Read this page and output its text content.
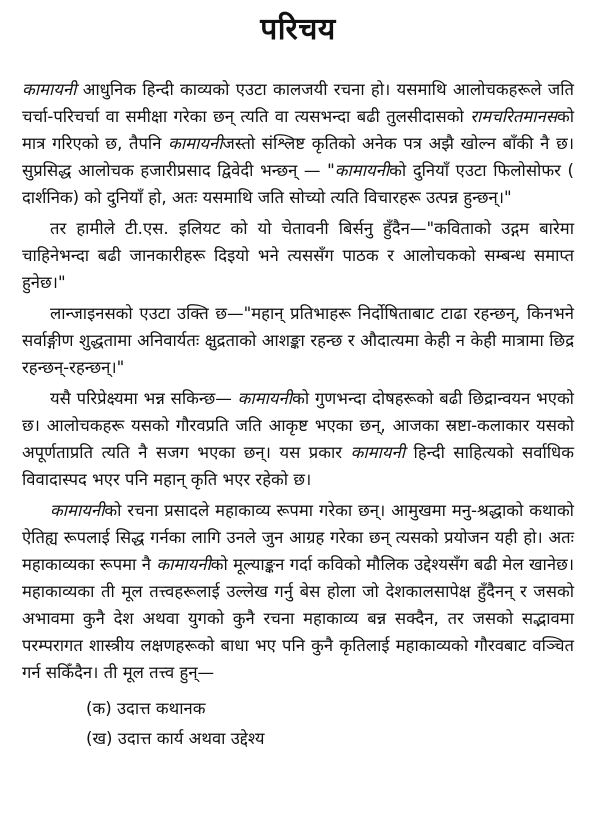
परिचय

कामायनी आधुनिक हिन्दी काव्यको एउटा कालजयी रचना हो। यसमाथि आलोचकहरूले जति चर्चा-परिचर्चा वा समीक्षा गरेका छन् त्यति वा त्यसभन्दा बढी तुलसीदासको रामचरितमानसको मात्र गरिएको छ, तैपनि कामायनीजस्तो संश्लिष्ट कृतिको अनेक पत्र अझै खोल्न बाँकी नै छ। सुप्रसिद्ध आलोचक हजारीप्रसाद द्विवेदी भन्छन् — "कामायनीको दुनियाँ एउटा फिलोसोफर ( दार्शनिक) को दुनियाँ हो, अतः यसमाथि जति सोच्यो त्यति विचारहरू उत्पन्न हुन्छन्।"

तर हामीले टी.एस. इलियट को यो चेतावनी बिर्सनु हुँदैन—"कविताको उद्गम बारेमा चाहिनेभन्दा बढी जानकारीहरू दिइयो भने त्यससँग पाठक र आलोचकको सम्बन्ध समाप्त हुनेछ।"

लान्जाइनसको एउटा उक्ति छ—"महान् प्रतिभाहरू निर्दोषिताबाट टाढा रहन्छन्, किनभने सर्वाङ्गीण शुद्धतामा अनिवार्यतः क्षुद्रताको आशङ्का रहन्छ र औदात्यमा केही न केही मात्रामा छिद्र रहन्छन्-रहन्छन्।"

यसै परिप्रेक्ष्यमा भन्न सकिन्छ— कामायनीको गुणभन्दा दोषहरूको बढी छिद्रान्वयन भएको छ। आलोचकहरू यसको गौरवप्रति जति आकृष्ट भएका छन्, आजका स्रष्टा-कलाकार यसको अपूर्णताप्रति त्यति नै सजग भएका छन्। यस प्रकार कामायनी हिन्दी साहित्यको सर्वाधिक विवादास्पद भएर पनि महान् कृति भएर रहेको छ।

कामायनीको रचना प्रसादले महाकाव्य रूपमा गरेका छन्। आमुखमा मनु-श्रद्धाको कथाको ऐतिह्य रूपलाई सिद्ध गर्नका लागि उनले जुन आग्रह गरेका छन् त्यसको प्रयोजन यही हो। अतः महाकाव्यका रूपमा नै कामायनीको मूल्याङ्कन गर्दा कविको मौलिक उद्देश्यसँग बढी मेल खानेछ। महाकाव्यका ती मूल तत्त्वहरूलाई उल्लेख गर्नु बेस होला जो देशकालसापेक्ष हुँदैनन् र जसको अभावमा कुनै देश अथवा युगको कुनै रचना महाकाव्य बन्न सक्दैन, तर जसको सद्भावमा परम्परागत शास्त्रीय लक्षणहरूको बाधा भए पनि कुनै कृतिलाई महाकाव्यको गौरवबाट वञ्चित गर्न सकिँदैन। ती मूल तत्त्व हुन्—

(क) उदात्त कथानक
(ख) उदात्त कार्य अथवा उद्देश्य
